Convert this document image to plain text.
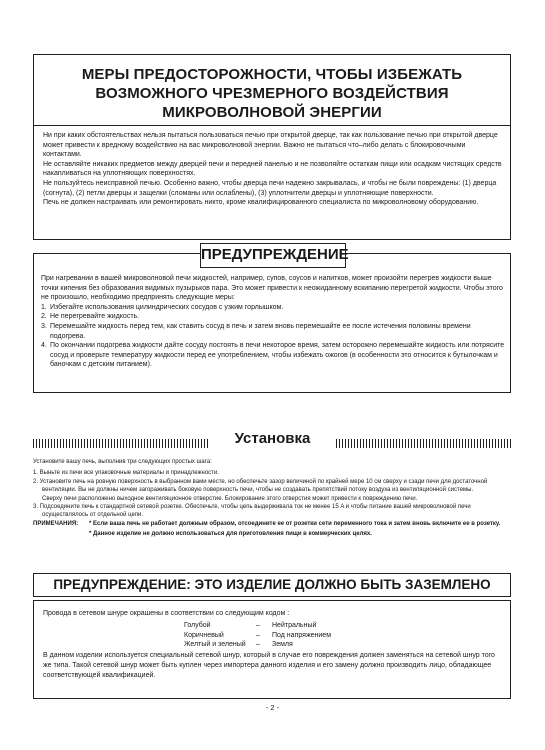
МЕРЫ ПРЕДОСТОРОЖНОСТИ, ЧТОБЫ ИЗБЕЖАТЬ
ВОЗМОЖНОГО ЧРЕЗМЕРНОГО ВОЗДЕЙСТВИЯ
МИКРОВОЛНОВОЙ ЭНЕРГИИ

Ни при каких обстоятельствах нельзя пытаться пользоваться печью при открытой дверце, так как пользование печью при открытой дверце может привести к вредному воздействию на вас микроволновой энергии. Важно не пытаться что–либо делать с блокировочными контактами.

Не оставляйте никаких предметов между дверцей печи и передней панелью и не позволяйте остаткам пищи или осадкам чистящих средств накапливаться на уплотняющих поверхностях.

Не пользуйтесь неисправной печью. Особенно важно, чтобы дверца печи надежно закрывалась, и чтобы не были повреждены: (1) дверца (согнута), (2) петли дверцы и защелки (сломаны или ослаблены), (3) уплотнители дверцы и уплотняющие поверхности.

Печь не должен настраивать или ремонтировать никто, кроме квалифицированного специалиста по микроволновому оборудованию.

При нагревании в вашей микроволновой печи жидкостей, например, супов, соусов и напитков, может произойти перегрев жидкости выше точки кипения без образования видимых пузырьков пара. Это может привести к неожиданному вскипанию перегретой жидкости. Чтобы этого не произошло, необходимо предпринять следующие меры:

1. Избегайте использования цилиндрических сосудов с узким горлышком.
2. Не перегревайте жидкость.
3. Перемешайте жидкость перед тем, как ставить сосуд в печь и затем вновь перемешайте ее после истечения половины времени подогрева.
4. По окончании подогрева жидкости дайте сосуду постоять в печи некоторое время, затем осторожно перемешайте жидкость или потрясите сосуд и проверьте температуру жидкости перед ее употреблением, чтобы избежать ожогов (в особенности это относится к бутылочкам и баночкам с детским питанием).
ПРЕДУПРЕЖДЕНИЕ
Установка

Установите вашу печь, выполнив три следующих простых шага:

1. Выньте из печи все упаковочные материалы и принадлежности.

2. Установите печь на ровную поверхность в выбранном вами месте, но обеспечьте зазор величиной по крайней мере 10 см сверху и сзади печи для достаточной вентиляции. Вы не должны ничем загораживать боковую поверхность печи, чтобы не создавать препятствий потоку воздуха из вентиляционной системы.

Сверху печи расположено выходное вентиляционное отверстие. Блокирование этого отверстия может привести к повреждению печи.

3. Подсоедините печь к стандартной сетевой розетке. Обеспечьте, чтобы цепь выдерживала ток не менее 15 A и чтобы питание вашей микроволновой печи осуществлялось от отдельной цепи.

ПРИМЕЧАНИЯ:	* Если ваша печь не работает должным образом, отсоедините ее от розетки сети переменного тока и затем вновь включите ее в розетку.

* Данное изделие не должно использоваться для приготовления пищи в коммерческих целях.

ПРЕДУПРЕЖДЕНИЕ: ЭТО ИЗДЕЛИЕ ДОЛЖНО БЫТЬ ЗАЗЕМЛЕНО

Провода в сетевом шнуре окрашены в соответствии со следующим кодом :

Голубой	–	Нейтральный
Коричневый	–	Под напряжением
Желтый и зеленый	–	Земля

В данном изделии используется специальный сетевой шнур, который в случае его повреждения должен заменяться на сетевой шнур того же типа. Такой сетевой шнур может быть куплен через импортера данного изделия и его замену должно производить лицо, обладающее соответствующей квалификацией.

- 2 -
